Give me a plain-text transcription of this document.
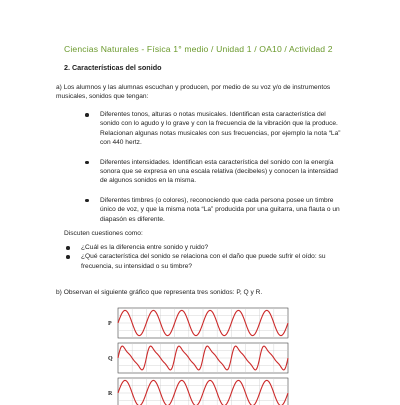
Ciencias Naturales - Física 1° medio / Unidad 1 / OA10 / Actividad 2
2. Características del sonido
a) Los alumnos y las alumnas escuchan y producen, por medio de su voz y/o de instrumentos musicales, sonidos que tengan:
Diferentes tonos, alturas o notas musicales. Identifican esta característica del sonido con lo agudo y lo grave y con la frecuencia de la vibración que la produce. Relacionan algunas notas musicales con sus frecuencias, por ejemplo la nota “La” con 440 hertz.
Diferentes intensidades. Identifican esta característica del sonido con la energía sonora que se expresa en una escala relativa (decibeles) y conocen la intensidad de algunos sonidos en la misma.
Diferentes timbres (o colores), reconociendo que cada persona posee un timbre único de voz, y que la misma nota “La” producida por una guitarra, una flauta o un diapasón es diferente.
Discuten cuestiones como:
¿Cuál es la diferencia entre sonido y ruido?
¿Qué característica del sonido se relaciona con el daño que puede sufrir el oído: su frecuencia, su intensidad o su timbre?
b) Observan el siguiente gráfico que representa tres sonidos: P, Q y R.
P
Q
R
